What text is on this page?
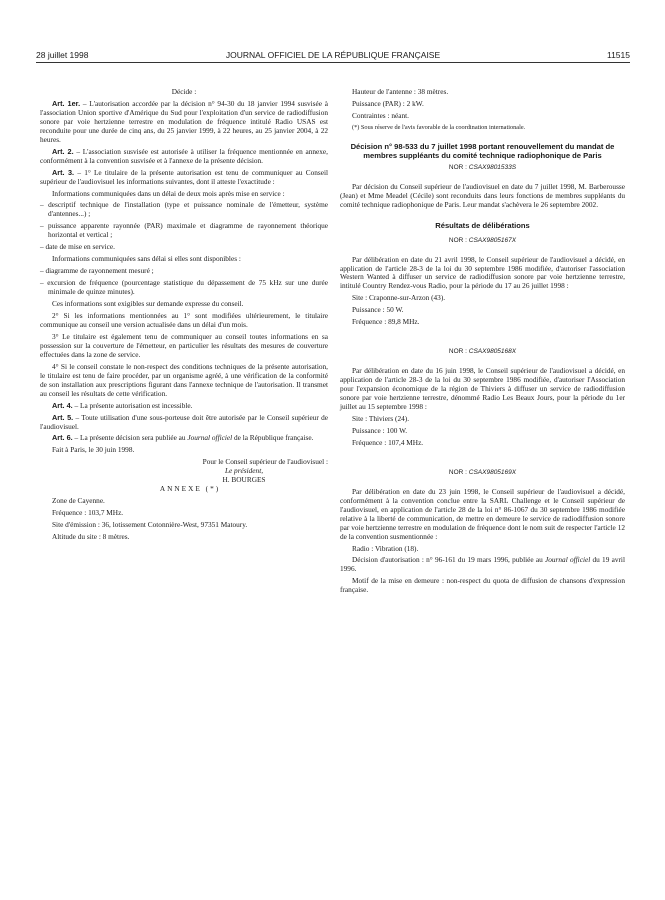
28 juillet 1998	JOURNAL OFFICIEL DE LA RÉPUBLIQUE FRANÇAISE	11515

Décide :

Art. 1er. – L'autorisation accordée par la décision n° 94-30 du 18 janvier 1994 susvisée à l'association Union sportive d'Amérique du Sud pour l'exploitation d'un service de radiodiffusion sonore par voie hertzienne terrestre en modulation de fréquence intitulé Radio USAS est reconduite pour une durée de cinq ans, du 25 janvier 1999, à 22 heures, au 25 janvier 2004, à 22 heures.

Art. 2. – L'association susvisée est autorisée à utiliser la fréquence mentionnée en annexe, conformément à la convention susvisée et à l'annexe de la présente décision.

Art. 3. – 1° Le titulaire de la présente autorisation est tenu de communiquer au Conseil supérieur de l'audiovisuel les informations suivantes, dont il atteste l'exactitude :

Informations communiquées dans un délai de deux mois après mise en service :

– descriptif technique de l'installation (type et puissance nominale de l'émetteur, système d'antennes...) ;

– puissance apparente rayonnée (PAR) maximale et diagramme de rayonnement théorique horizontal et vertical ;

– date de mise en service.

Informations communiquées sans délai si elles sont disponibles :

– diagramme de rayonnement mesuré ;

– excursion de fréquence (pourcentage statistique du dépassement de 75 kHz sur une durée minimale de quinze minutes).

Ces informations sont exigibles sur demande expresse du conseil.

2° Si les informations mentionnées au 1° sont modifiées ultérieurement, le titulaire communique au conseil une version actualisée dans un délai d'un mois.

3° Le titulaire est également tenu de communiquer au conseil toutes informations en sa possession sur la couverture de l'émetteur, en particulier les résultats des mesures de couverture effectuées dans la zone de service.

4° Si le conseil constate le non-respect des conditions techniques de la présente autorisation, le titulaire est tenu de faire procéder, par un organisme agréé, à une vérification de la conformité de son installation aux prescriptions figurant dans l'annexe technique de l'autorisation. Il transmet au conseil les résultats de cette vérification.

Art. 4. – La présente autorisation est incessible.

Art. 5. – Toute utilisation d'une sous-porteuse doit être autorisée par le Conseil supérieur de l'audiovisuel.

Art. 6. – La présente décision sera publiée au Journal officiel de la République française.

Fait à Paris, le 30 juin 1998.

Pour le Conseil supérieur de l'audiovisuel :

Le président,

H. BOURGES

ANNEXE (*)

Zone de Cayenne.

Fréquence : 103,7 MHz.

Site d'émission : 36, lotissement Cotonnière-West, 97351 Matoury.

Altitude du site : 8 mètres.

Hauteur de l'antenne : 38 mètres.

Puissance (PAR) : 2 kW.

Contraintes : néant.

(*) Sous réserve de l'avis favorable de la coordination internationale.

Décision n° 98-533 du 7 juillet 1998 portant renouvellement du mandat de membres suppléants du comité technique radiophonique de Paris
NOR : CSAX9801533S

Par décision du Conseil supérieur de l'audiovisuel en date du 7 juillet 1998, M. Barberousse (Jean) et Mme Meadel (Cécile) sont reconduits dans leurs fonctions de membres suppléants du comité technique radiophonique de Paris. Leur mandat s'achèvera le 26 septembre 2002.

Résultats de délibérations
NOR : CSAX9805167X

Par délibération en date du 21 avril 1998, le Conseil supérieur de l'audiovisuel a décidé, en application de l'article 28-3 de la loi du 30 septembre 1986 modifiée, d'autoriser l'association Western Wanted à diffuser un service de radiodiffusion sonore par voie hertzienne terrestre, intitulé Country Rendez-vous Radio, pour la période du 17 au 26 juillet 1998 :

Site : Craponne-sur-Arzon (43).

Puissance : 50 W.

Fréquence : 89,8 MHz.

NOR : CSAX9805168X

Par délibération en date du 16 juin 1998, le Conseil supérieur de l'audiovisuel a décidé, en application de l'article 28-3 de la loi du 30 septembre 1986 modifiée, d'autoriser l'Association pour l'expansion économique de la région de Thiviers à diffuser un service de radiodiffusion sonore par voie hertzienne terrestre, dénommé Radio Les Beaux Jours, pour la période du 1er juillet au 15 septembre 1998 :

Site : Thiviers (24).

Puissance : 100 W.

Fréquence : 107,4 MHz.

NOR : CSAX9805169X

Par délibération en date du 23 juin 1998, le Conseil supérieur de l'audiovisuel a décidé, conformément à la convention conclue entre la SARL Challenge et le Conseil supérieur de l'audiovisuel, en application de l'article 28 de la loi n° 86-1067 du 30 septembre 1986 modifiée relative à la liberté de communication, de mettre en demeure le service de radiodiffusion sonore par voie hertzienne terrestre en modulation de fréquence dont le nom suit de respecter l'article 12 de la convention susmentionnée :

Radio : Vibration (18).

Décision d'autorisation : n° 96-161 du 19 mars 1996, publiée au Journal officiel du 19 avril 1996.

Motif de la mise en demeure : non-respect du quota de diffusion de chansons d'expression française.
